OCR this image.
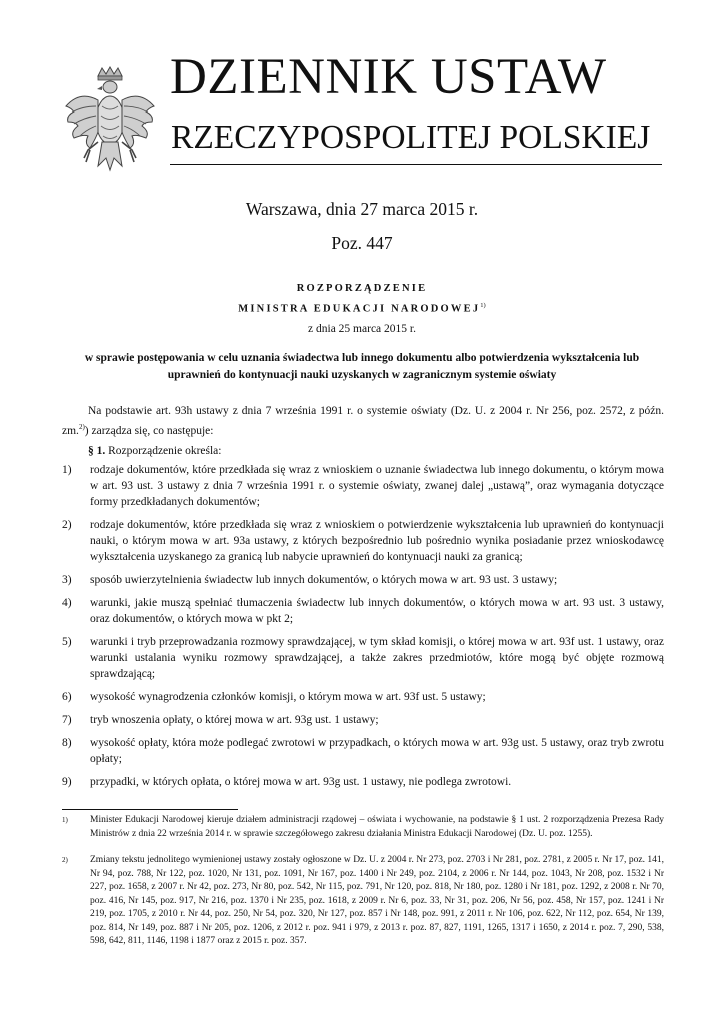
DZIENNIK USTAW
RZECZYPOSPOLITEJ POLSKIEJ
Warszawa, dnia 27 marca 2015 r.
Poz. 447
ROZPORZĄDZENIE
MINISTRA EDUKACJI NARODOWEJ$^{1)}$
z dnia 25 marca 2015 r.
w sprawie postępowania w celu uznania świadectwa lub innego dokumentu albo potwierdzenia wykształcenia lub uprawnień do kontynuacji nauki uzyskanych w zagranicznym systemie oświaty
Na podstawie art. 93h ustawy z dnia 7 września 1991 r. o systemie oświaty (Dz. U. z 2004 r. Nr 256, poz. 2572, z późn. zm.$^{2)}$) zarządza się, co następuje:
§ 1. Rozporządzenie określa:
1)	rodzaje dokumentów, które przedkłada się wraz z wnioskiem o uznanie świadectwa lub innego dokumentu, o którym mowa w art. 93 ust. 3 ustawy z dnia 7 września 1991 r. o systemie oświaty, zwanej dalej „ustawą”, oraz wymagania dotyczące formy przedkładanych dokumentów;
2)	rodzaje dokumentów, które przedkłada się wraz z wnioskiem o potwierdzenie wykształcenia lub uprawnień do kontynuacji nauki, o którym mowa w art. 93a ustawy, z których bezpośrednio lub pośrednio wynika posiadanie przez wnioskodawcę wykształcenia uzyskanego za granicą lub nabycie uprawnień do kontynuacji nauki za granicą;
3)	sposób uwierzytelnienia świadectw lub innych dokumentów, o których mowa w art. 93 ust. 3 ustawy;
4)	warunki, jakie muszą spełniać tłumaczenia świadectw lub innych dokumentów, o których mowa w art. 93 ust. 3 ustawy, oraz dokumentów, o których mowa w pkt 2;
5)	warunki i tryb przeprowadzania rozmowy sprawdzającej, w tym skład komisji, o której mowa w art. 93f ust. 1 ustawy, oraz warunki ustalania wyniku rozmowy sprawdzającej, a także zakres przedmiotów, które mogą być objęte rozmową sprawdzającą;
6)	wysokość wynagrodzenia członków komisji, o którym mowa w art. 93f ust. 5 ustawy;
7)	tryb wnoszenia opłaty, o której mowa w art. 93g ust. 1 ustawy;
8)	wysokość opłaty, która może podlegać zwrotowi w przypadkach, o których mowa w art. 93g ust. 5 ustawy, oraz tryb zwrotu opłaty;
9)	przypadki, w których opłata, o której mowa w art. 93g ust. 1 ustawy, nie podlega zwrotowi.
1)	Minister Edukacji Narodowej kieruje działem administracji rządowej – oświata i wychowanie, na podstawie § 1 ust. 2 rozporządzenia Prezesa Rady Ministrów z dnia 22 września 2014 r. w sprawie szczegółowego zakresu działania Ministra Edukacji Narodowej (Dz. U. poz. 1255).
2)	Zmiany tekstu jednolitego wymienionej ustawy zostały ogłoszone w Dz. U. z 2004 r. Nr 273, poz. 2703 i Nr 281, poz. 2781, z 2005 r. Nr 17, poz. 141, Nr 94, poz. 788, Nr 122, poz. 1020, Nr 131, poz. 1091, Nr 167, poz. 1400 i Nr 249, poz. 2104, z 2006 r. Nr 144, poz. 1043, Nr 208, poz. 1532 i Nr 227, poz. 1658, z 2007 r. Nr 42, poz. 273, Nr 80, poz. 542, Nr 115, poz. 791, Nr 120, poz. 818, Nr 180, poz. 1280 i Nr 181, poz. 1292, z 2008 r. Nr 70, poz. 416, Nr 145, poz. 917, Nr 216, poz. 1370 i Nr 235, poz. 1618, z 2009 r. Nr 6, poz. 33, Nr 31, poz. 206, Nr 56, poz. 458, Nr 157, poz. 1241 i Nr 219, poz. 1705, z 2010 r. Nr 44, poz. 250, Nr 54, poz. 320, Nr 127, poz. 857 i Nr 148, poz. 991, z 2011 r. Nr 106, poz. 622, Nr 112, poz. 654, Nr 139, poz. 814, Nr 149, poz. 887 i Nr 205, poz. 1206, z 2012 r. poz. 941 i 979, z 2013 r. poz. 87, 827, 1191, 1265, 1317 i 1650, z 2014 r. poz. 7, 290, 538, 598, 642, 811, 1146, 1198 i 1877 oraz z 2015 r. poz. 357.
